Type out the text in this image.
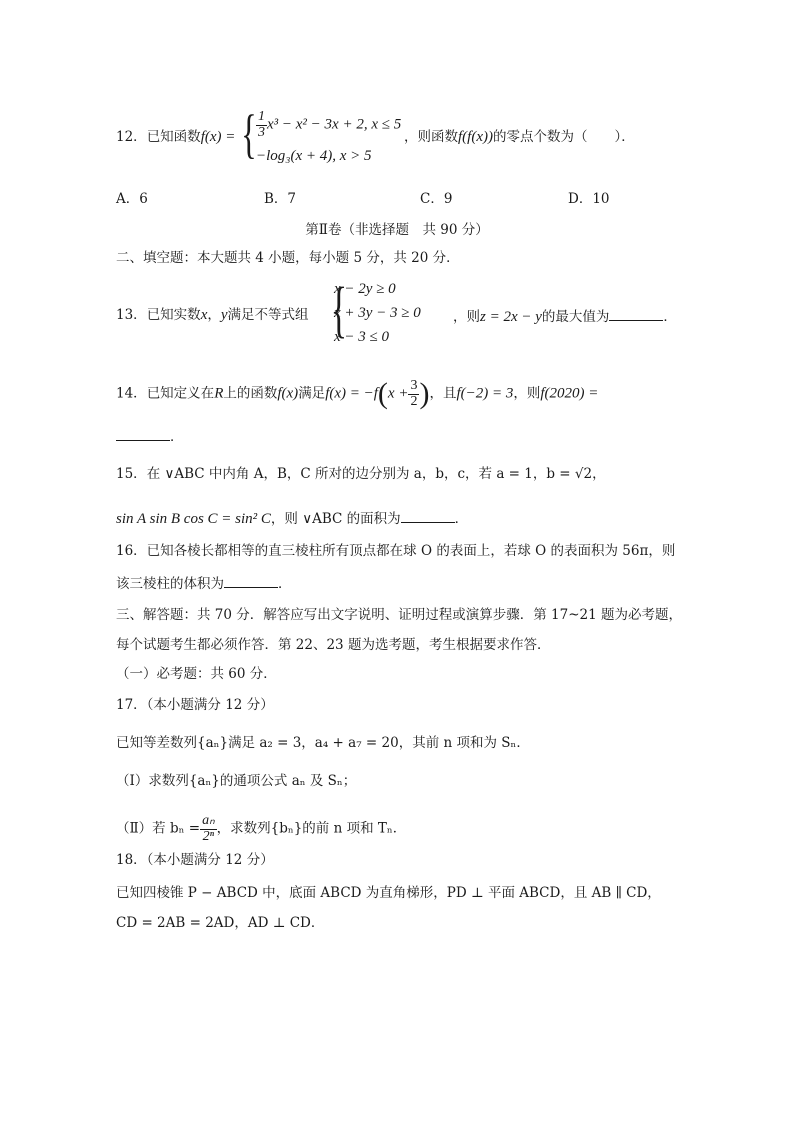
12．已知函数f(x) = { $\frac{1}{3} x^3 - x^2 - 3x + 2$, x ≤ 5
−log₃(x + 4), x > 5
，则函数f(f(x))的零点个数为（　　）．
A．6	B．7	C．9	D．10
第Ⅱ卷（非选择题　共 90 分）
二、填空题：本大题共 4 小题，每小题 5 分，共 20 分．
13．已知实数x，y满足不等式组 {
x − 2y ≥ 0
x + 3y − 3 ≥ 0
x − 3 ≤ 0
，则z = 2x − y的最大值为	．
14．已知定义在R上的函数f(x)满足$f(x) = -f(x + \frac{3}{2}$ )，且f(−2) = 3，则f(2020) =
．
15．在 ∨ABC 中内角 A，B，C 所对的边分别为 a，b，c，若 a = 1，b = √2，
sin A sin B cos C = sin² C，则 ∨ABC 的面积为	．
16．已知各棱长都相等的直三棱柱所有顶点都在球 O 的表面上，若球 O 的表面积为 56π，则
该三棱柱的体积为	．
三、解答题：共 70 分．解答应写出文字说明、证明过程或演算步骤．第 17~21 题为必考题，
每个试题考生都必须作答．第 22、23 题为选考题，考生根据要求作答．
（一）必考题：共 60 分．
17．（本小题满分 12 分）
已知等差数列{aₙ}满足 a₂ = 3，a₄ + a₇ = 20，其前 n 项和为 Sₙ．
（Ⅰ）求数列{aₙ}的通项公式 aₙ 及 Sₙ；
（Ⅱ）若 $b_n = \frac{\text{aₙ}}{\text{2ⁿ}}$ ，求数列{bₙ}的前 n 项和 Tₙ．
18．（本小题满分 12 分）
已知四棱锥 P − ABCD 中，底面 ABCD 为直角梯形，PD ⊥ 平面 ABCD，且 AB ∥ CD，
CD = 2AB = 2AD，AD ⊥ CD．
